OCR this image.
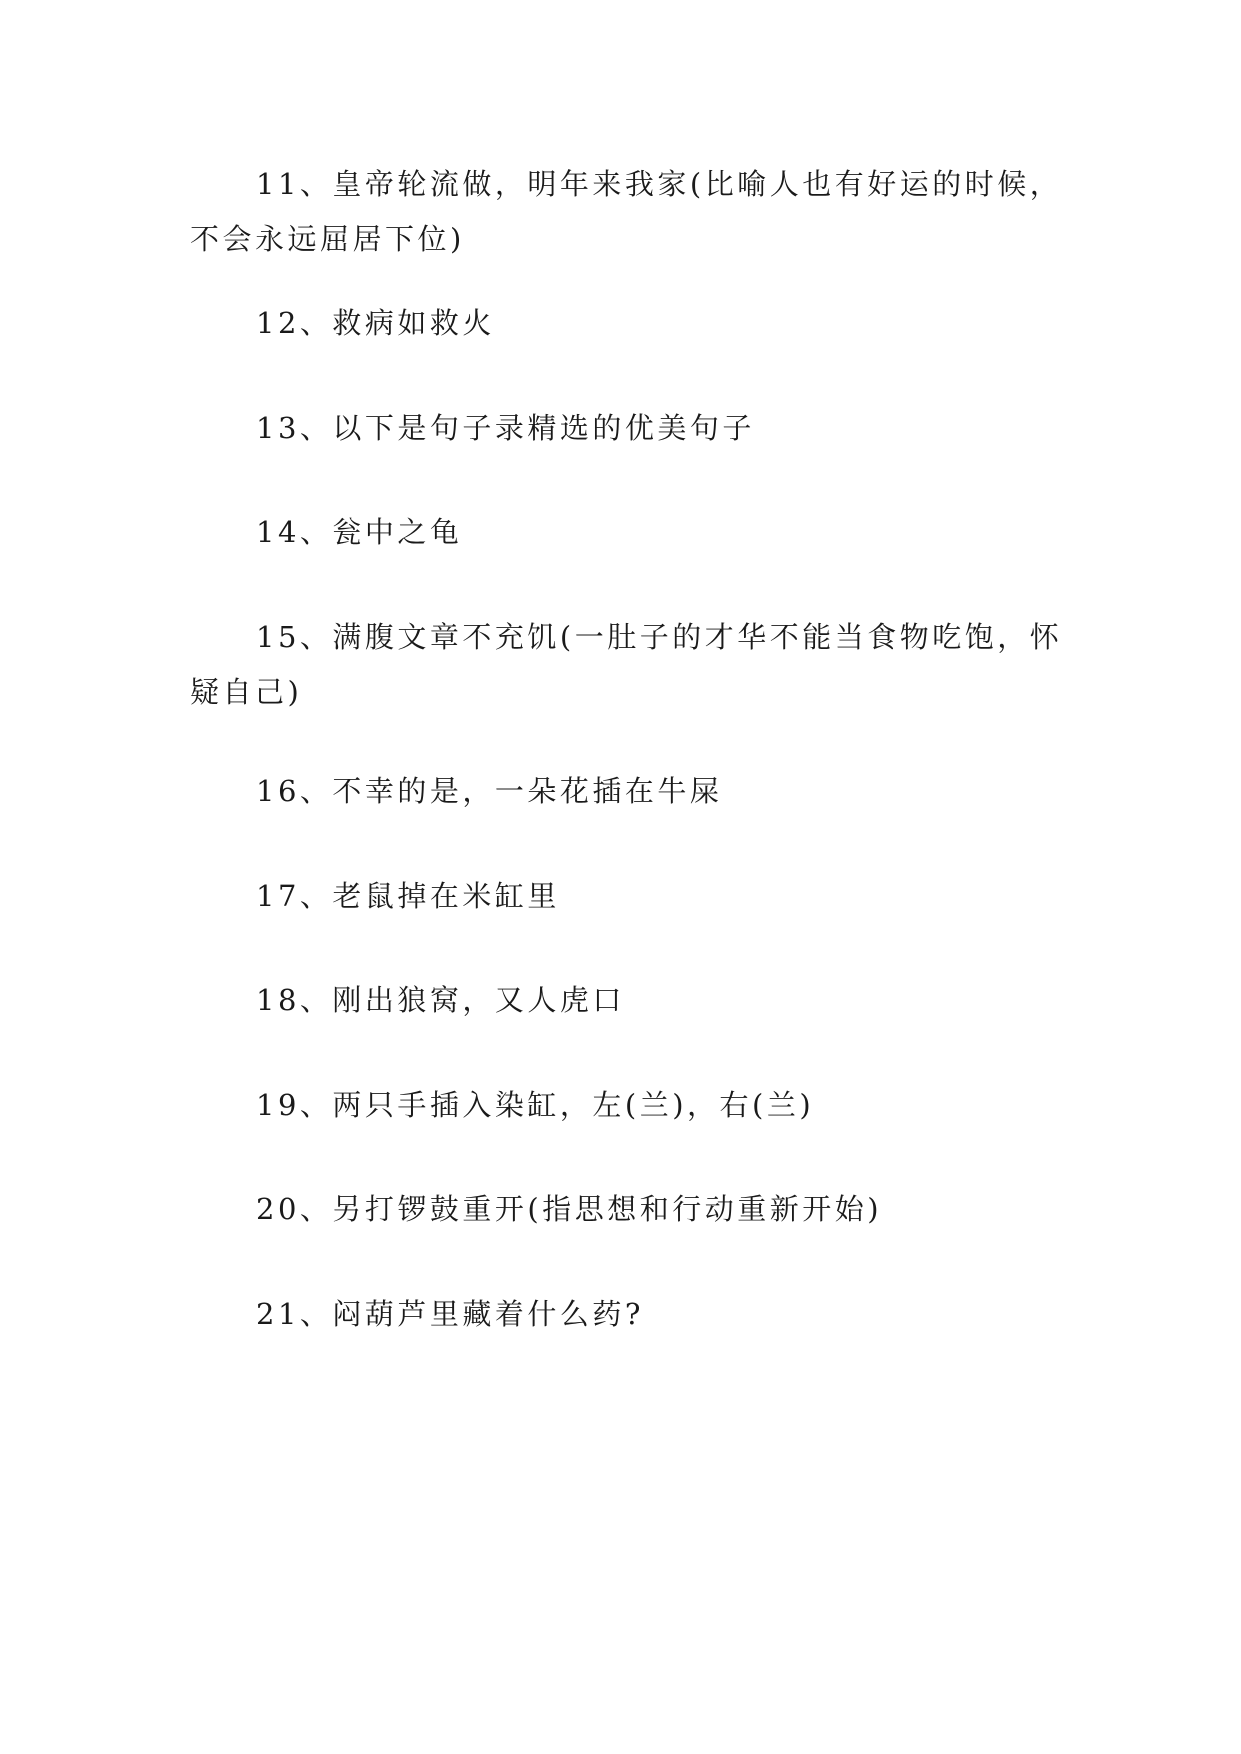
11、皇帝轮流做，明年来我家(比喻人也有好运的时候，不会永远屈居下位)

12、救病如救火

13、以下是句子录精选的优美句子

14、瓮中之龟

15、满腹文章不充饥(一肚子的才华不能当食物吃饱，怀疑自己)

16、不幸的是，一朵花插在牛屎

17、老鼠掉在米缸里

18、刚出狼窝，又人虎口

19、两只手插入染缸，左(兰)，右(兰)

20、另打锣鼓重开(指思想和行动重新开始)

21、闷葫芦里藏着什么药?
